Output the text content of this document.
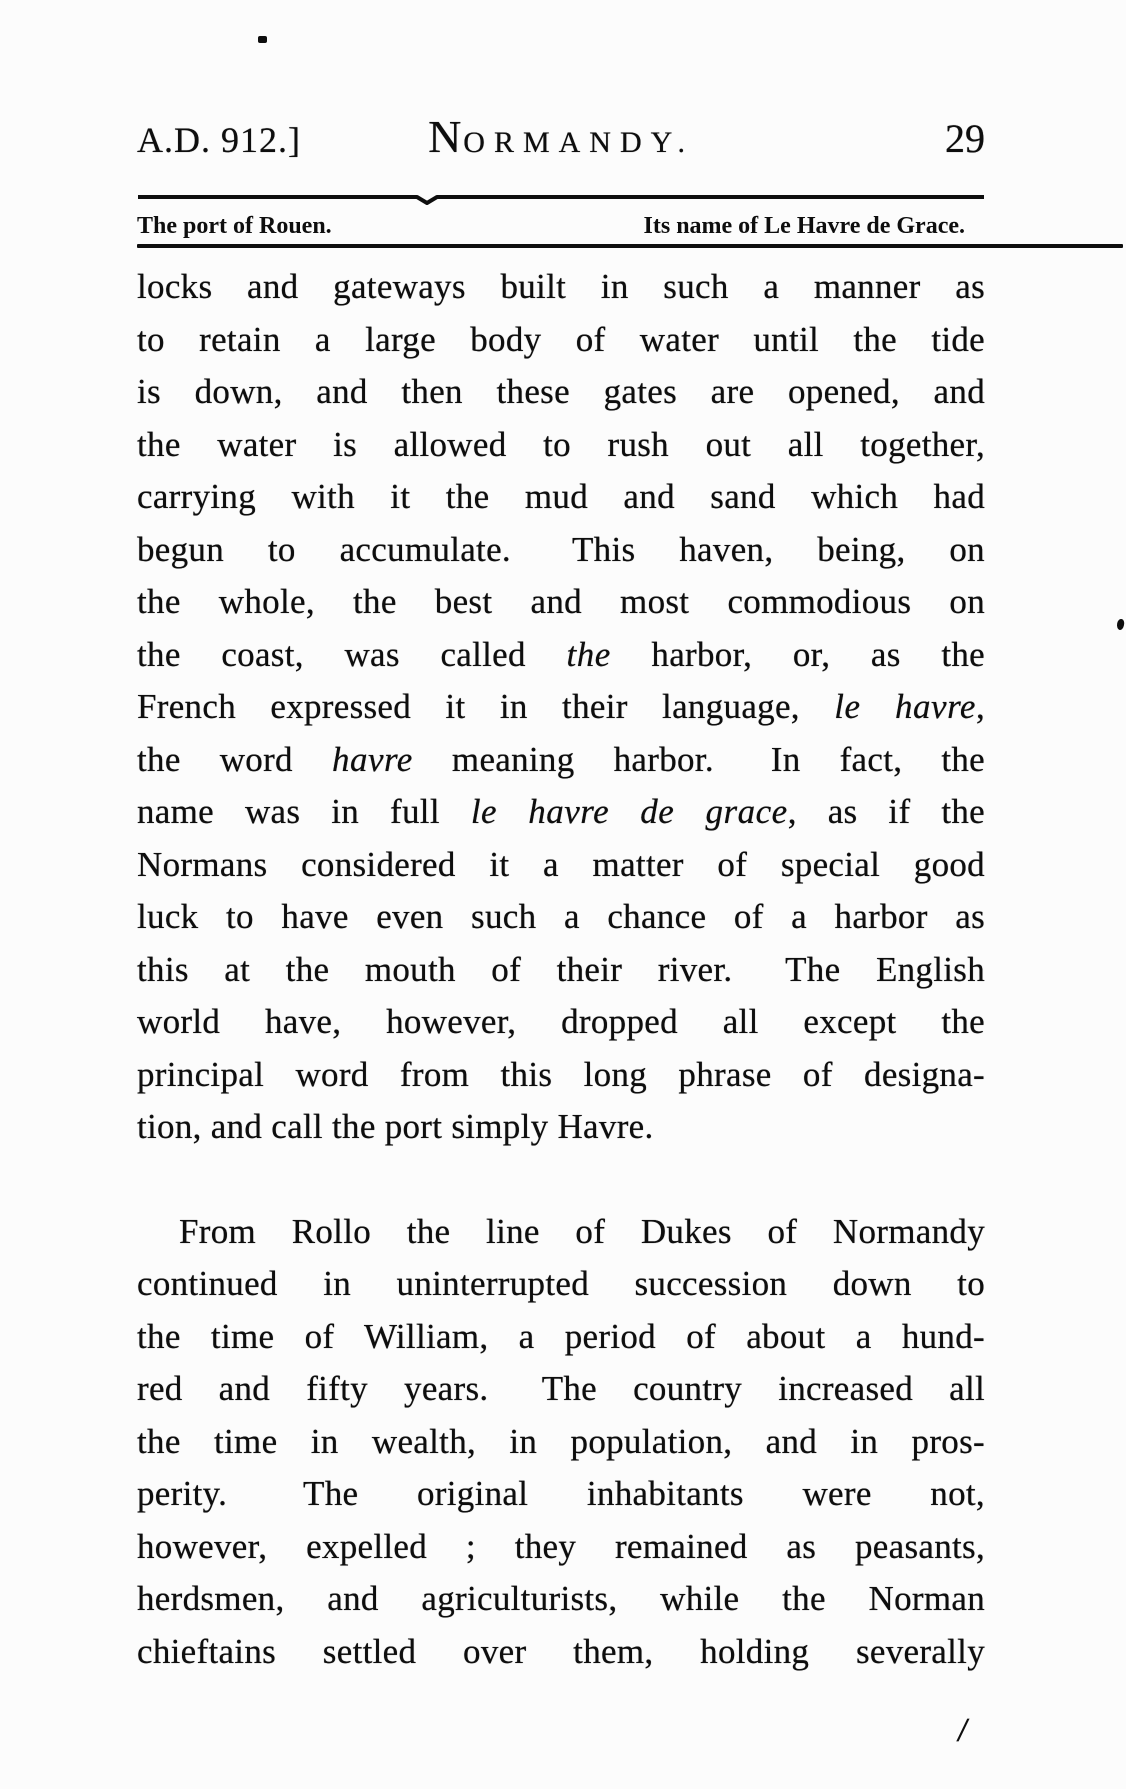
A.D. 912.]	NORMANDY.	29
The port of Rouen.	Its name of Le Havre de Grace.
locks and gateways built in such a manner as
to retain a large body of water until the tide
is down, and then these gates are opened, and
the water is allowed to rush out all together,
carrying with it the mud and sand which had
begun to accumulate.  This haven, being, on
the whole, the best and most commodious on
the coast, was called the harbor, or, as the
French expressed it in their language, le havre,
the word havre meaning harbor.  In fact, the
name was in full le havre de grace, as if the
Normans considered it a matter of special good
luck to have even such a chance of a harbor as
this at the mouth of their river.  The English
world have, however, dropped all except the
principal word from this long phrase of designa-
tion, and call the port simply Havre.
From Rollo the line of Dukes of Normandy
continued in uninterrupted succession down to
the time of William, a period of about a hund-
red and fifty years.  The country increased all
the time in wealth, in population, and in pros-
perity.  The original inhabitants were not,
however, expelled ; they remained as peasants,
herdsmen, and agriculturists, while the Norman
chieftains settled over them, holding severally
/
